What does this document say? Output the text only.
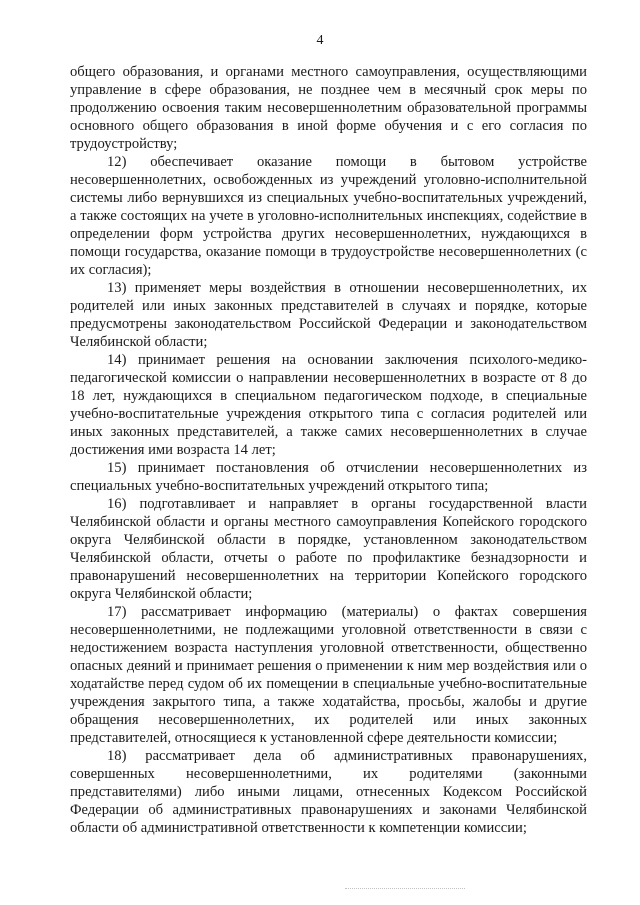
4

общего образования, и органами местного самоуправления, осуществляющими управление в сфере образования, не позднее чем в месячный срок меры по продолжению освоения таким несовершеннолетним образовательной программы основного общего образования в иной форме обучения и с его согласия по трудоустройству;

12) обеспечивает оказание помощи в бытовом устройстве несовершеннолетних, освобожденных из учреждений уголовно-исполнительной системы либо вернувшихся из специальных учебно-воспитательных учреждений, а также состоящих на учете в уголовно-исполнительных инспекциях, содействие в определении форм устройства других несовершеннолетних, нуждающихся в помощи государства, оказание помощи в трудоустройстве несовершеннолетних (с их согласия);

13) применяет меры воздействия в отношении несовершеннолетних, их родителей или иных законных представителей в случаях и порядке, которые предусмотрены законодательством Российской Федерации и законодательством Челябинской области;

14) принимает решения на основании заключения психолого-медико-педагогической комиссии о направлении несовершеннолетних в возрасте от 8 до 18 лет, нуждающихся в специальном педагогическом подходе, в специальные учебно-воспитательные учреждения открытого типа с согласия родителей или иных законных представителей, а также самих несовершеннолетних в случае достижения ими возраста 14 лет;

15) принимает постановления об отчислении несовершеннолетних из специальных учебно-воспитательных учреждений открытого типа;

16) подготавливает и направляет в органы государственной власти Челябинской области и органы местного самоуправления Копейского городского округа Челябинской области в порядке, установленном законодательством Челябинской области, отчеты о работе по профилактике безнадзорности и правонарушений несовершеннолетних на территории Копейского городского округа Челябинской области;

17) рассматривает информацию (материалы) о фактах совершения несовершеннолетними, не подлежащими уголовной ответственности в связи с недостижением возраста наступления уголовной ответственности, общественно опасных деяний и принимает решения о применении к ним мер воздействия или о ходатайстве перед судом об их помещении в специальные учебно-воспитательные учреждения закрытого типа, а также ходатайства, просьбы, жалобы и другие обращения несовершеннолетних, их родителей или иных законных представителей, относящиеся к установленной сфере деятельности комиссии;

18) рассматривает дела об административных правонарушениях, совершенных несовершеннолетними, их родителями (законными представителями) либо иными лицами, отнесенных Кодексом Российской Федерации об административных правонарушениях и законами Челябинской области об административной ответственности к компетенции комиссии;
